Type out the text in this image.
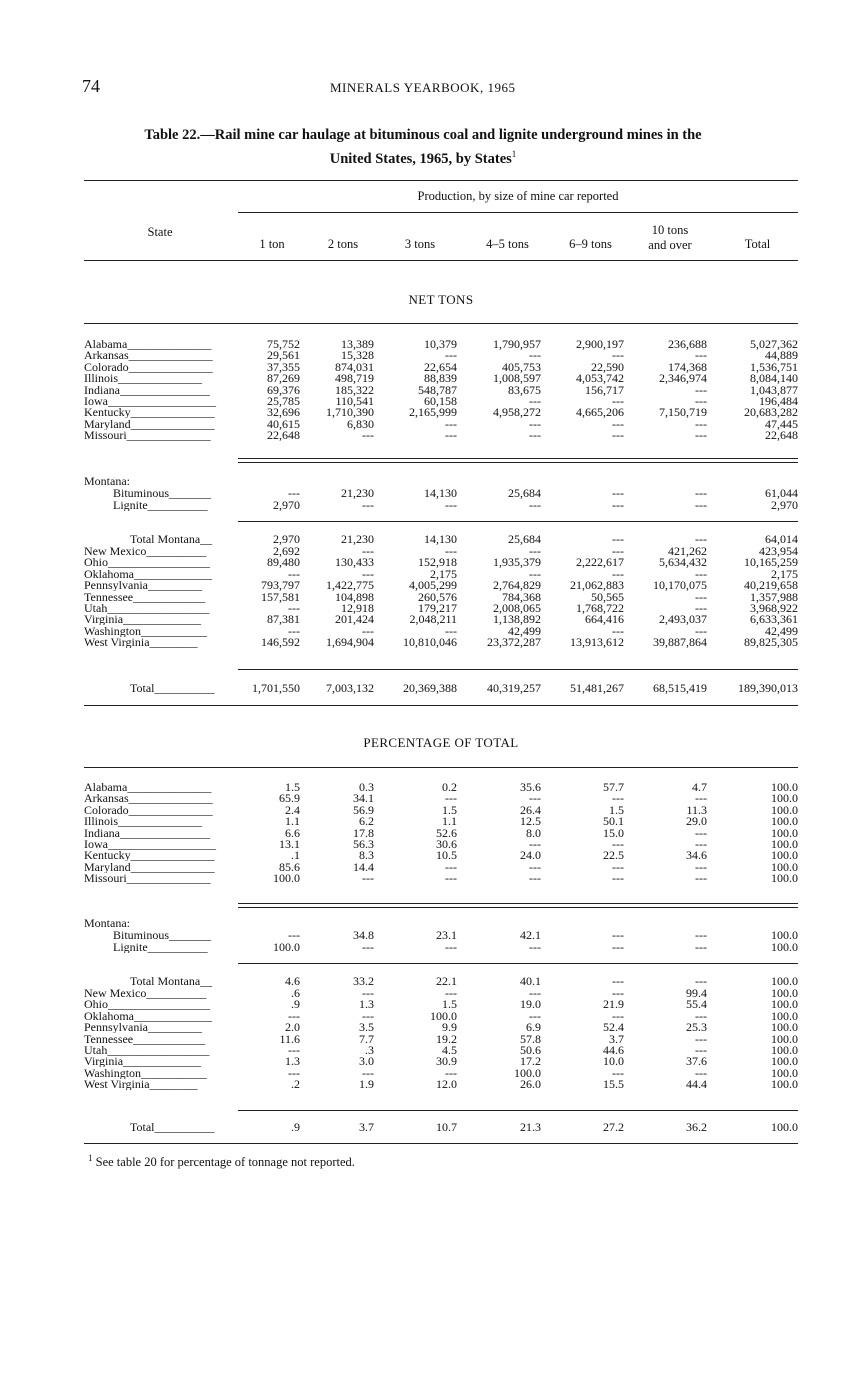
74	MINERALS YEARBOOK, 1965
Table 22.—Rail mine car haulage at bituminous coal and lignite underground mines in the
United States, 1965, by States$^1$
State
Production, by size of mine car reported
1 ton	2 tons	3 tons	4–5 tons	6–9 tons
10 tons
and over	Total
NET TONS
Alabama______________	75,752	13,389	10,379	1,790,957	2,900,197	236,688	5,027,362
Arkansas______________	29,561	15,328	---	---	---	---	44,889
Colorado______________	37,355	874,031	22,654	405,753	22,590	174,368	1,536,751
Illinois______________	87,269	498,719	88,839	1,008,597	4,053,742	2,346,974	8,084,140
Indiana_______________	69,376	185,322	548,787	83,675	156,717	---	1,043,877
Iowa__________________	25,785	110,541	60,158	---	---	---	196,484
Kentucky______________	32,696 1,710,390	2,165,999	4,958,272	4,665,206	7,150,719	20,683,282
Maryland______________	40,615	6,830	---	---	---	---	47,445
Missouri______________	22,648	---	---	---	---	---	22,648
Montana:
Bituminous_______	---	21,230	14,130	25,684	---	---	61,044
Lignite__________	2,970	---	---	---	---	---	2,970
Total Montana__	2,970	21,230	14,130	25,684	---	---	64,014
New Mexico__________	2,692	---	---	---	---	421,262	423,954
Ohio_________________	89,480	130,433	152,918	1,935,379	2,222,617	5,634,432	10,165,259
Oklahoma_____________	---	---	2,175	---	---	---	2,175
Pennsylvania_________	793,797 1,422,775	4,005,299	2,764,829 21,062,883 10,170,075	40,219,658
Tennessee____________	157,581	104,898	260,576	784,368	50,565	---	1,357,988
Utah_________________	---	12,918	179,217	2,008,065	1,768,722	---	3,968,922
Virginia_____________	87,381	201,424	2,048,211	1,138,892	664,416	2,493,037	6,633,361
Washington___________	---	---	---	42,499	---	---	42,499
West Virginia________	146,592 1,694,904 10,810,046	23,372,287 13,913,612 39,887,864	89,825,305
Total__________	1,701,550 7,003,132 20,369,388	40,319,257 51,481,267 68,515,419	189,390,013
PERCENTAGE OF TOTAL
Alabama______________	1.5	0.3	0.2	35.6	57.7	4.7	100.0
Arkansas______________	65.9	34.1	---	---	---	---	100.0
Colorado______________	2.4	56.9	1.5	26.4	1.5	11.3	100.0
Illinois______________	1.1	6.2	1.1	12.5	50.1	29.0	100.0
Indiana_______________	6.6	17.8	52.6	8.0	15.0	---	100.0
Iowa__________________	13.1	56.3	30.6	---	---	---	100.0
Kentucky______________	.1	8.3	10.5	24.0	22.5	34.6	100.0
Maryland______________	85.6	14.4	---	---	---	---	100.0
Missouri______________	100.0	---	---	---	---	---	100.0
Montana:
Bituminous_______	---	34.8	23.1	42.1	---	---	100.0
Lignite__________	100.0	---	---	---	---	---	100.0
Total Montana__	4.6	33.2	22.1	40.1	---	---	100.0
New Mexico__________	.6	---	---	---	---	99.4	100.0
Ohio_________________	.9	1.3	1.5	19.0	21.9	55.4	100.0
Oklahoma_____________	---	---	100.0	---	---	---	100.0
Pennsylvania_________	2.0	3.5	9.9	6.9	52.4	25.3	100.0
Tennessee____________	11.6	7.7	19.2	57.8	3.7	---	100.0
Utah_________________	---	.3	4.5	50.6	44.6	---	100.0
Virginia_____________	1.3	3.0	30.9	17.2	10.0	37.6	100.0
Washington___________	---	---	---	100.0	---	---	100.0
West Virginia________	.2	1.9	12.0	26.0	15.5	44.4	100.0
Total__________	.9	3.7	10.7	21.3	27.2	36.2	100.0
$^1$ See table 20 for percentage of tonnage not reported.
